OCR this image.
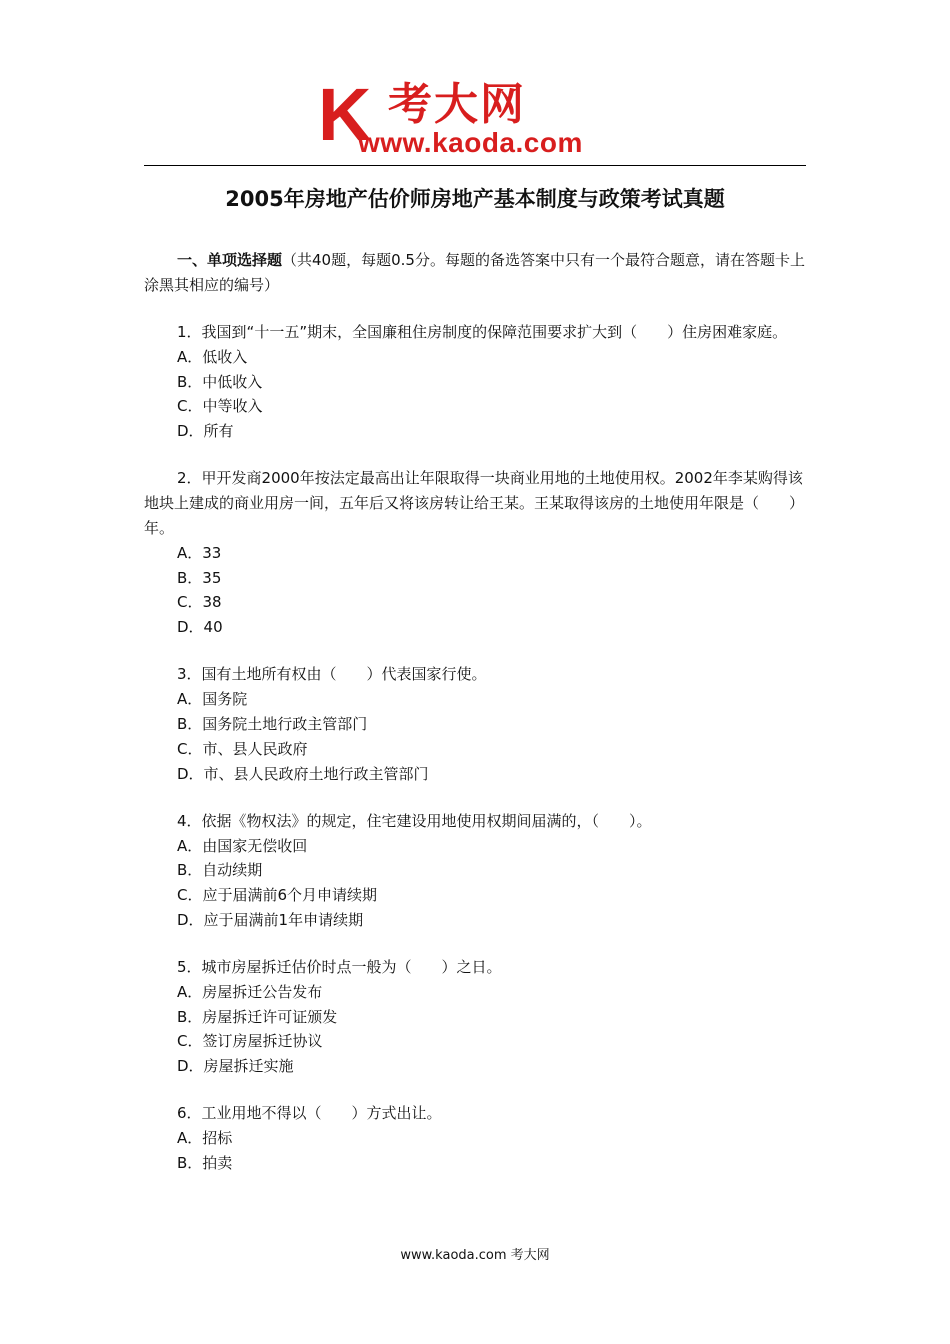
K 考大网
www.kaoda.com
2005年房地产估价师房地产基本制度与政策考试真题

一、单项选择题（共40题，每题0.5分。每题的备选答案中只有一个最符合题意，请在答题卡上涂黑其相应的编号）

1．我国到“十一五”期末，全国廉租住房制度的保障范围要求扩大到（　　）住房困难家庭。

A．低收入
B．中低收入
C．中等收入
D．所有

2．甲开发商2000年按法定最高出让年限取得一块商业用地的土地使用权。2002年李某购得该地块上建成的商业用房一间，五年后又将该房转让给王某。王某取得该房的土地使用年限是（　　）年。

A．33
B．35
C．38
D．40

3．国有土地所有权由（　　）代表国家行使。

A．国务院
B．国务院土地行政主管部门
C．市、县人民政府
D．市、县人民政府土地行政主管部门

4．依据《物权法》的规定，住宅建设用地使用权期间届满的，（　　）。

A．由国家无偿收回
B．自动续期
C．应于届满前6个月申请续期
D．应于届满前1年申请续期

5．城市房屋拆迁估价时点一般为（　　）之日。

A．房屋拆迁公告发布
B．房屋拆迁许可证颁发
C．签订房屋拆迁协议
D．房屋拆迁实施

6．工业用地不得以（　　）方式出让。

A．招标
B．拍卖
www.kaoda.com 考大网
